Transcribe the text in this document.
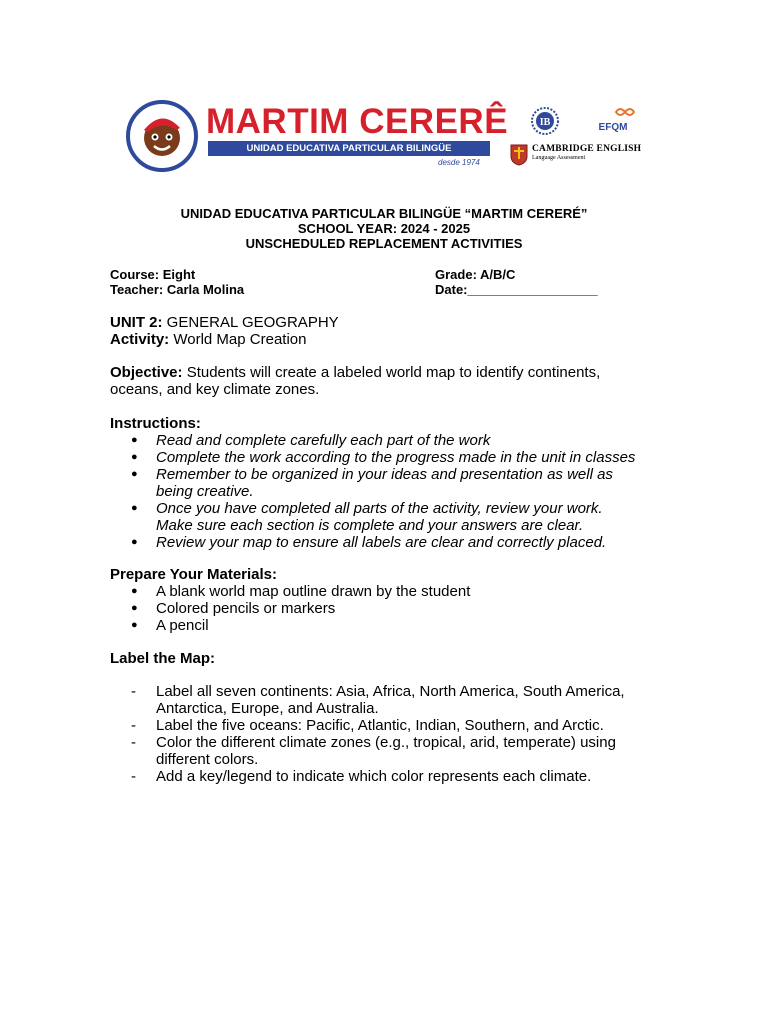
MARTIM CERERÊ
UNIDAD EDUCATIVA PARTICULAR BILINGÜE
desde 1974
IB	EFQM
CAMBRIDGE ENGLISH
Language Assessment
UNIDAD EDUCATIVA PARTICULAR BILINGÜE “MARTIM CERERÉ”
SCHOOL YEAR: 2024 - 2025
UNSCHEDULED REPLACEMENT ACTIVITIES
Course: Eight
Teacher: Carla Molina
Grade: A/B/C
Date:__________________
UNIT 2: GENERAL GEOGRAPHY
Activity: World Map Creation
Objective: Students will create a labeled world map to identify continents,
oceans, and key climate zones.
Instructions:
● Read and complete carefully each part of the work
● Complete the work according to the progress made in the unit in classes
● Remember to be organized in your ideas and presentation as well as
being creative.
● Once you have completed all parts of the activity, review your work.
Make sure each section is complete and your answers are clear.
● Review your map to ensure all labels are clear and correctly placed.
Prepare Your Materials:
● A blank world map outline drawn by the student
● Colored pencils or markers
● A pencil
Label the Map:
- Label all seven continents: Asia, Africa, North America, South America,
Antarctica, Europe, and Australia.
- Label the five oceans: Pacific, Atlantic, Indian, Southern, and Arctic.
- Color the different climate zones (e.g., tropical, arid, temperate) using
different colors.
- Add a key/legend to indicate which color represents each climate.
